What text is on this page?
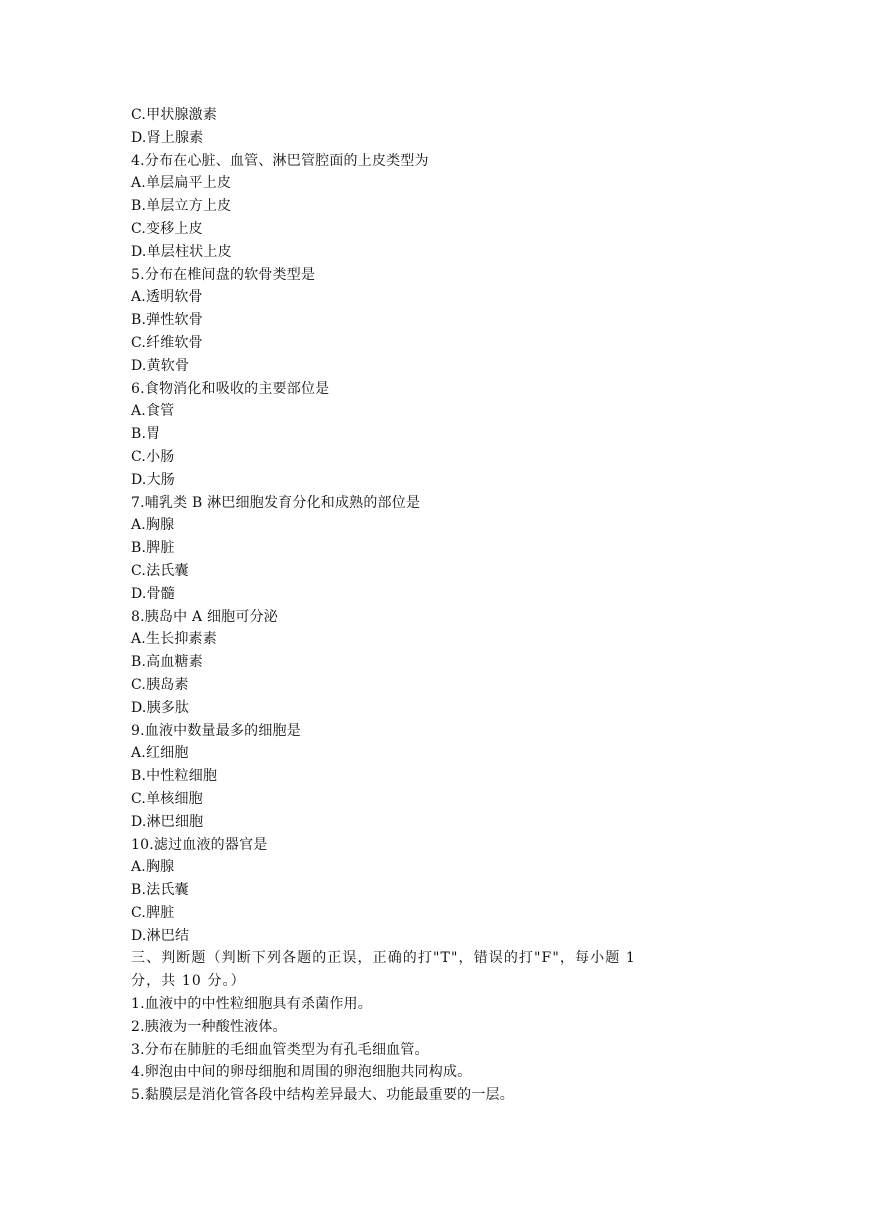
C.甲状腺激素
D.肾上腺素
4.分布在心脏、血管、淋巴管腔面的上皮类型为
A.单层扁平上皮
B.单层立方上皮
C.变移上皮
D.单层柱状上皮
5.分布在椎间盘的软骨类型是
A.透明软骨
B.弹性软骨
C.纤维软骨
D.黄软骨
6.食物消化和吸收的主要部位是
A.食管
B.胃
C.小肠
D.大肠
7.哺乳类 B 淋巴细胞发育分化和成熟的部位是
A.胸腺
B.脾脏
C.法氏囊
D.骨髓
8.胰岛中 A 细胞可分泌
A.生长抑素素
B.高血糖素
C.胰岛素
D.胰多肽
9.血液中数量最多的细胞是
A.红细胞
B.中性粒细胞
C.单核细胞
D.淋巴细胞
10.滤过血液的器官是
A.胸腺
B.法氏囊
C.脾脏
D.淋巴结
三、判断题（判断下列各题的正误，正确的打"T"，错误的打"F"，每小题 1 分，共 10 分。）
1.血液中的中性粒细胞具有杀菌作用。
2.胰液为一种酸性液体。
3.分布在肺脏的毛细血管类型为有孔毛细血管。
4.卵泡由中间的卵母细胞和周围的卵泡细胞共同构成。
5.黏膜层是消化管各段中结构差异最大、功能最重要的一层。
